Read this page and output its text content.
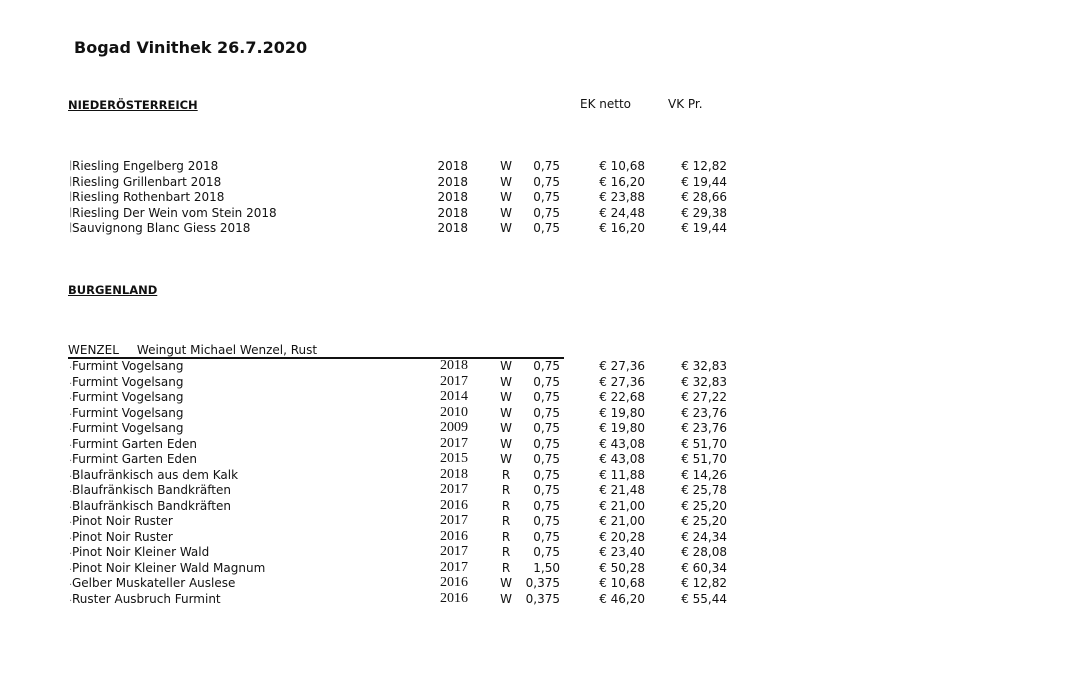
Bogad Vinithek 26.7.2020
NIEDERÖSTERREICH	EK netto	VK Pr.
| Riesling Engelberg 2018	2018	W 0,75	€ 10,68	€ 12,82
| Riesling Grillenbart 2018	2018	W 0,75	€ 16,20	€ 19,44
| Riesling Rothenbart 2018	2018	W 0,75	€ 23,88	€ 28,66
| Riesling Der Wein vom Stein 2018	2018	W 0,75	€ 24,48	€ 29,38
| Sauvignong Blanc Giess 2018	2018	W 0,75	€ 16,20	€ 19,44
BURGENLAND
WENZEL Weingut Michael Wenzel, Rust
. Furmint Vogelsang	2018	W 0,75	€ 27,36	€ 32,83
. Furmint Vogelsang	2017	W 0,75	€ 27,36	€ 32,83
. Furmint Vogelsang	2014	W 0,75	€ 22,68	€ 27,22
. Furmint Vogelsang	2010	W 0,75	€ 19,80	€ 23,76
. Furmint Vogelsang	2009	W 0,75	€ 19,80	€ 23,76
. Furmint Garten Eden	2017	W 0,75	€ 43,08	€ 51,70
. Furmint Garten Eden	2015	W 0,75	€ 43,08	€ 51,70
. Blaufränkisch aus dem Kalk	2018	R 0,75	€ 11,88	€ 14,26
. Blaufränkisch Bandkräften	2017	R 0,75	€ 21,48	€ 25,78
. Blaufränkisch Bandkräften	2016	R 0,75	€ 21,00	€ 25,20
. Pinot Noir Ruster	2017	R 0,75	€ 21,00	€ 25,20
. Pinot Noir Ruster	2016	R 0,75	€ 20,28	€ 24,34
. Pinot Noir Kleiner Wald	2017	R 0,75	€ 23,40	€ 28,08
. Pinot Noir Kleiner Wald Magnum	2017	R 1,50	€ 50,28	€ 60,34
. Gelber Muskateller Auslese	2016	W 0,375	€ 10,68	€ 12,82
. Ruster Ausbruch Furmint	2016	W 0,375	€ 46,20	€ 55,44
